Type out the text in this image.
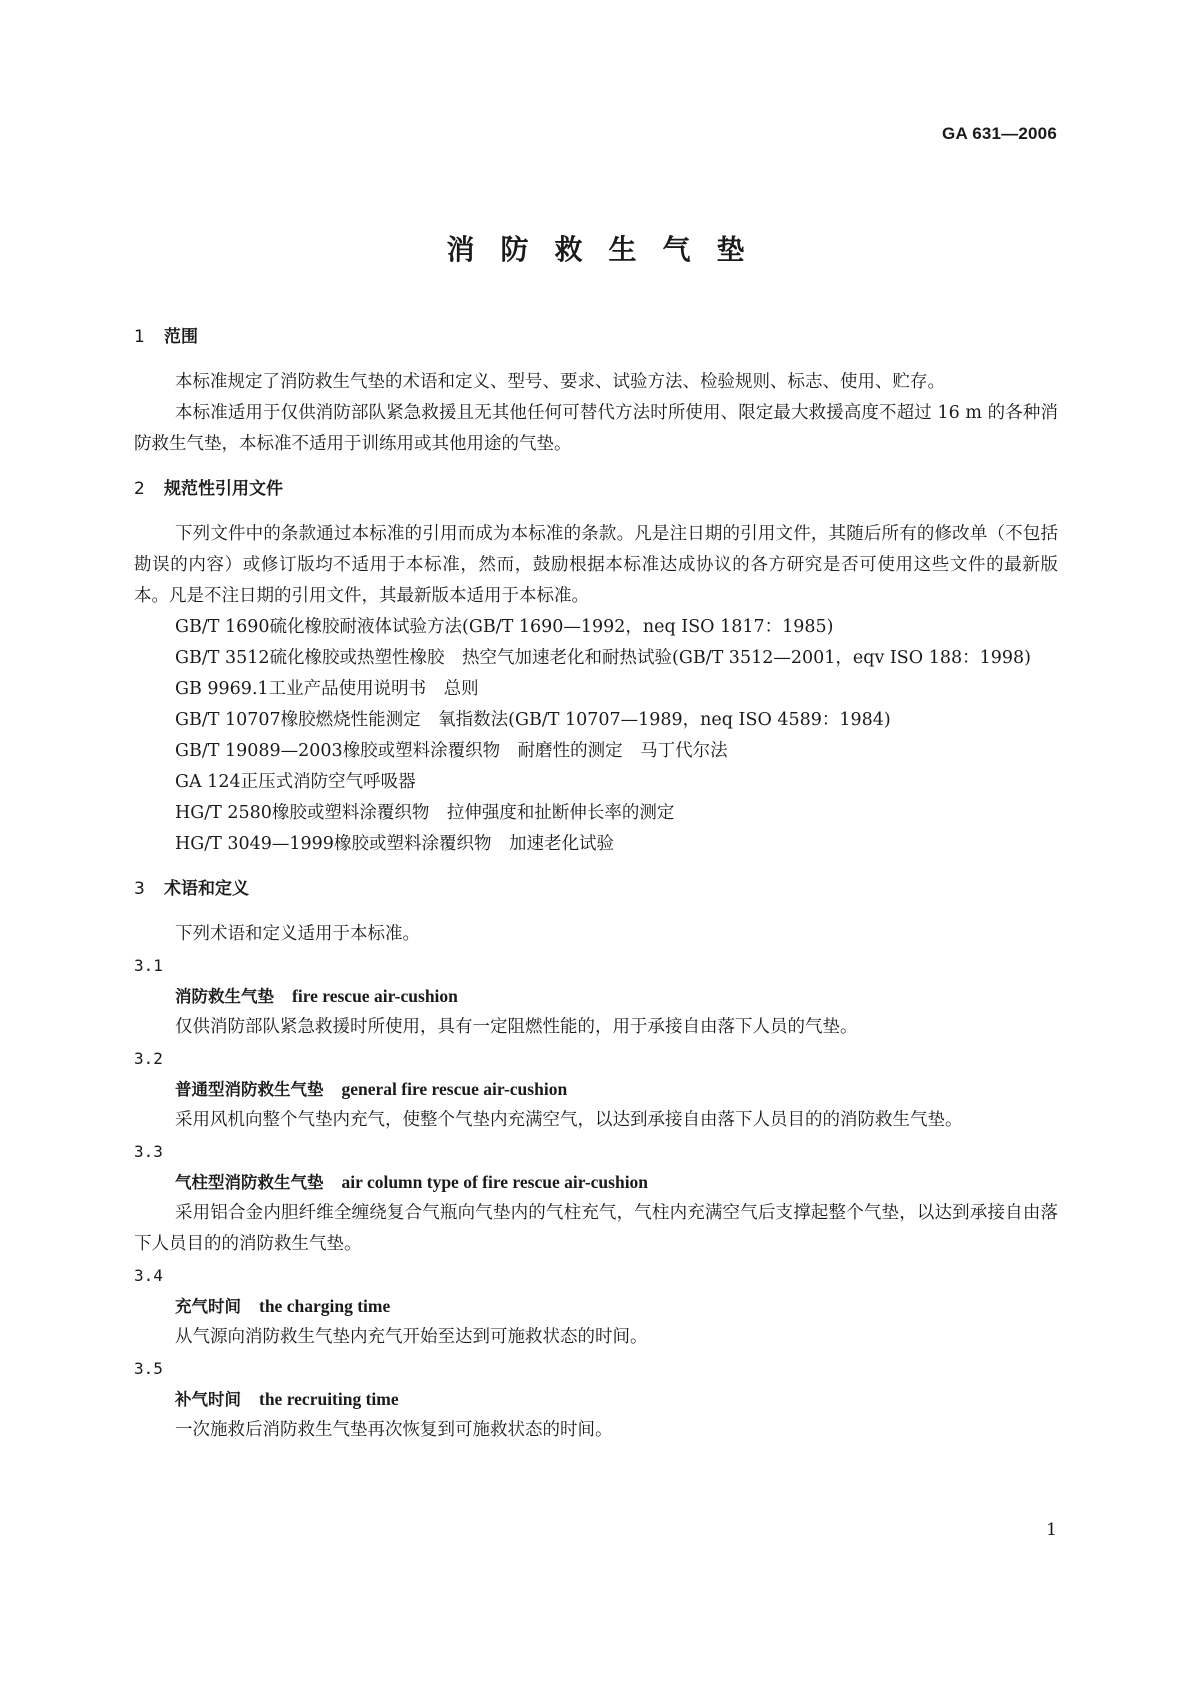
GA 631—2006
消防救生气垫
1 范围

本标准规定了消防救生气垫的术语和定义、型号、要求、试验方法、检验规则、标志、使用、贮存。

本标准适用于仅供消防部队紧急救援且无其他任何可替代方法时所使用、限定最大救援高度不超过 16 m 的各种消防救生气垫，本标准不适用于训练用或其他用途的气垫。

2 规范性引用文件

下列文件中的条款通过本标准的引用而成为本标准的条款。凡是注日期的引用文件，其随后所有的修改单（不包括勘误的内容）或修订版均不适用于本标准，然而，鼓励根据本标准达成协议的各方研究是否可使用这些文件的最新版本。凡是不注日期的引用文件，其最新版本适用于本标准。

GB/T 1690硫化橡胶耐液体试验方法(GB/T 1690—1992，neq ISO 1817：1985)

GB/T 3512硫化橡胶或热塑性橡胶　热空气加速老化和耐热试验(GB/T 3512—2001，eqv ISO 188：1998)

GB 9969.1工业产品使用说明书　总则

GB/T 10707橡胶燃烧性能测定　氧指数法(GB/T 10707—1989，neq ISO 4589：1984)

GB/T 19089—2003橡胶或塑料涂覆织物　耐磨性的测定　马丁代尔法

GA 124正压式消防空气呼吸器

HG/T 2580橡胶或塑料涂覆织物　拉伸强度和扯断伸长率的测定

HG/T 3049—1999橡胶或塑料涂覆织物　加速老化试验

3 术语和定义

下列术语和定义适用于本标准。

3.1
消防救生气垫 fire rescue air-cushion

仅供消防部队紧急救援时所使用，具有一定阻燃性能的，用于承接自由落下人员的气垫。

3.2
普通型消防救生气垫 general fire rescue air-cushion

采用风机向整个气垫内充气，使整个气垫内充满空气，以达到承接自由落下人员目的的消防救生气垫。

3.3
气柱型消防救生气垫 air column type of fire rescue air-cushion

采用铝合金内胆纤维全缠绕复合气瓶向气垫内的气柱充气，气柱内充满空气后支撑起整个气垫，以达到承接自由落下人员目的的消防救生气垫。

3.4
充气时间 the charging time

从气源向消防救生气垫内充气开始至达到可施救状态的时间。

3.5
补气时间 the recruiting time

一次施救后消防救生气垫再次恢复到可施救状态的时间。

1
